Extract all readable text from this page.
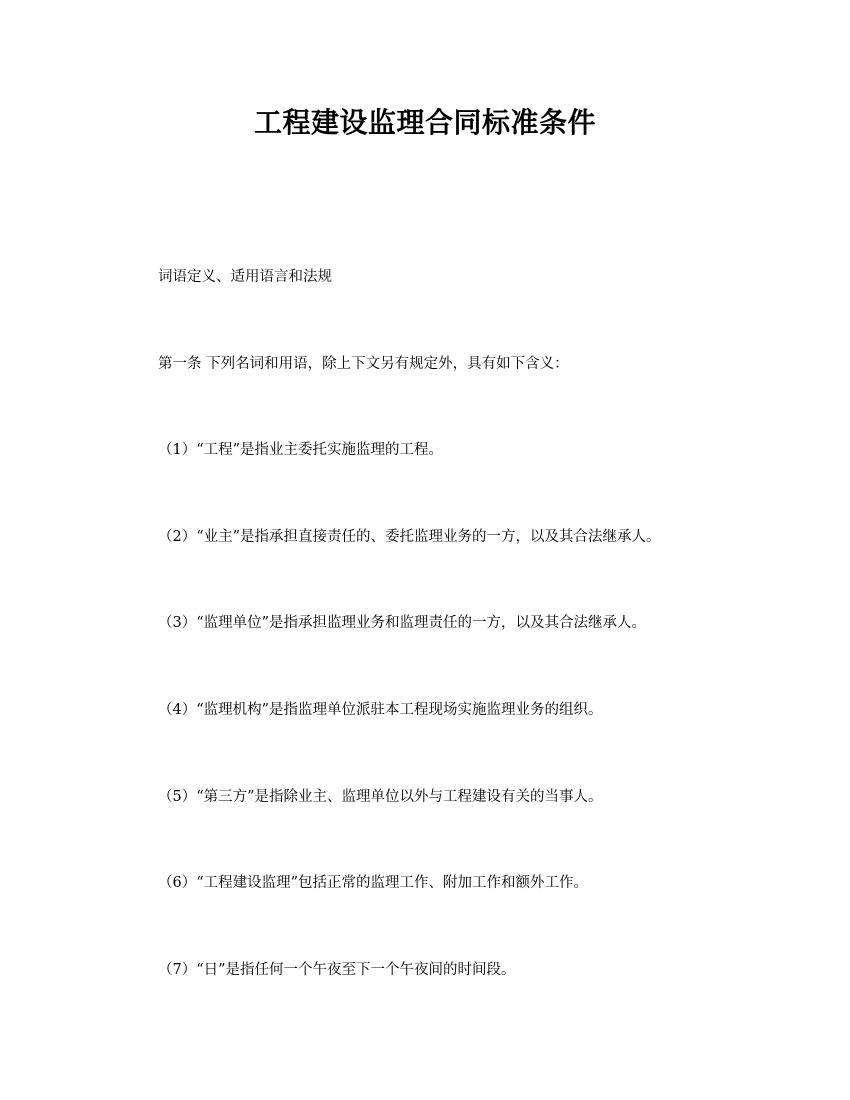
工程建设监理合同标准条件
词语定义、适用语言和法规
第一条 下列名词和用语，除上下文另有规定外，具有如下含义：
（1）“工程”是指业主委托实施监理的工程。
（2）“业主”是指承担直接责任的、委托监理业务的一方，以及其合法继承人。
（3）“监理单位”是指承担监理业务和监理责任的一方，以及其合法继承人。
（4）“监理机构”是指监理单位派驻本工程现场实施监理业务的组织。
（5）“第三方”是指除业主、监理单位以外与工程建设有关的当事人。
（6）“工程建设监理”包括正常的监理工作、附加工作和额外工作。
（7）“日”是指任何一个午夜至下一个午夜间的时间段。
